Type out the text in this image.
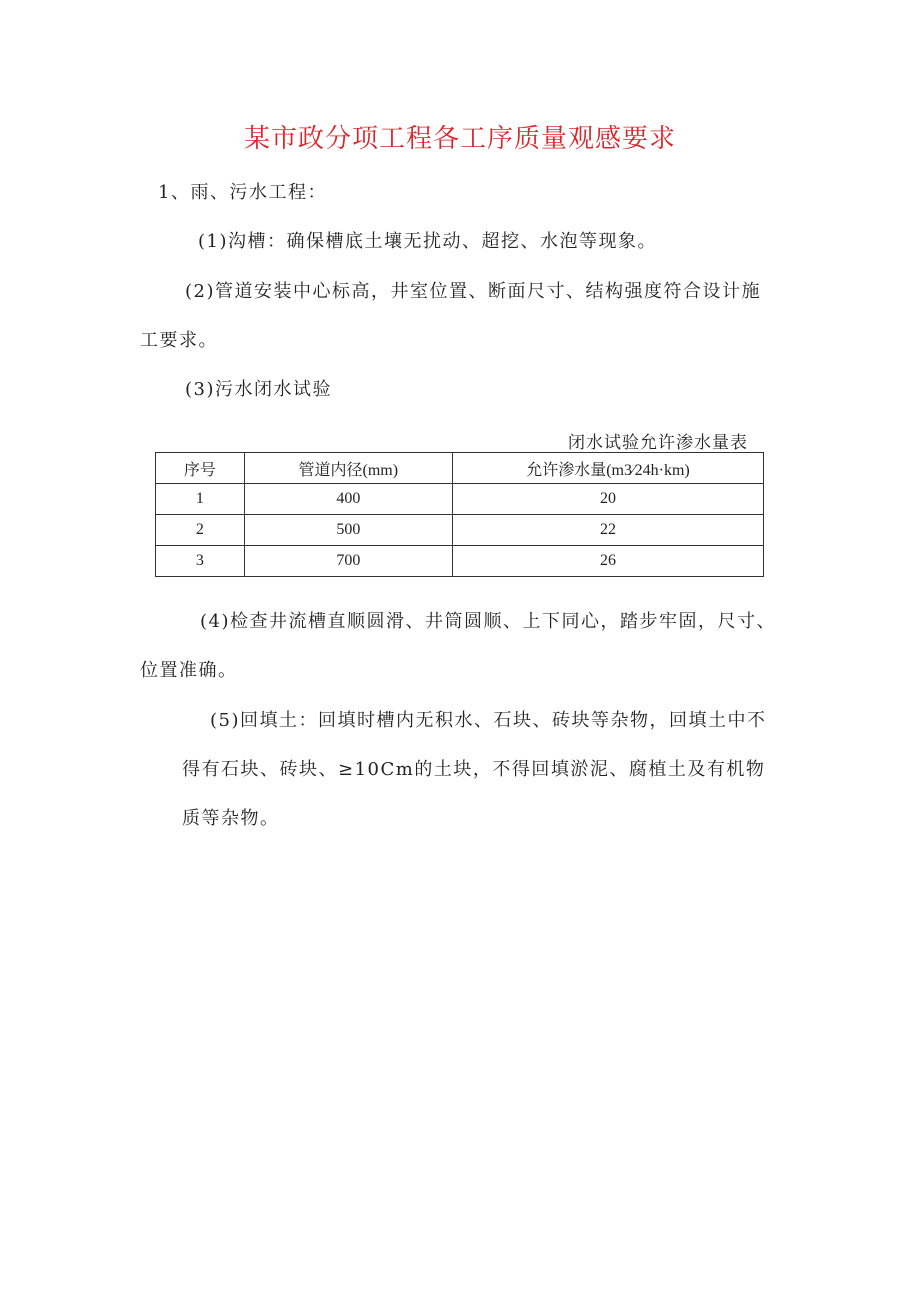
某市政分项工程各工序质量观感要求

1、雨、污水工程：

(1)沟槽：确保槽底土壤无扰动、超挖、水泡等现象。

(2)管道安装中心标高，井室位置、断面尺寸、结构强度符合设计施

工要求。

(3)污水闭水试验

闭水试验允许渗水量表

序号	管道内径(mm)	允许渗水量(m3⁄24h·km)
1	400	20
2	500	22
3	700	26

(4)检查井流槽直顺圆滑、井筒圆顺、上下同心，踏步牢固，尺寸、

位置准确。

(5)回填土：回填时槽内无积水、石块、砖块等杂物，回填土中不

得有石块、砖块、≥10Cm的土块，不得回填淤泥、腐植土及有机物

质等杂物。
